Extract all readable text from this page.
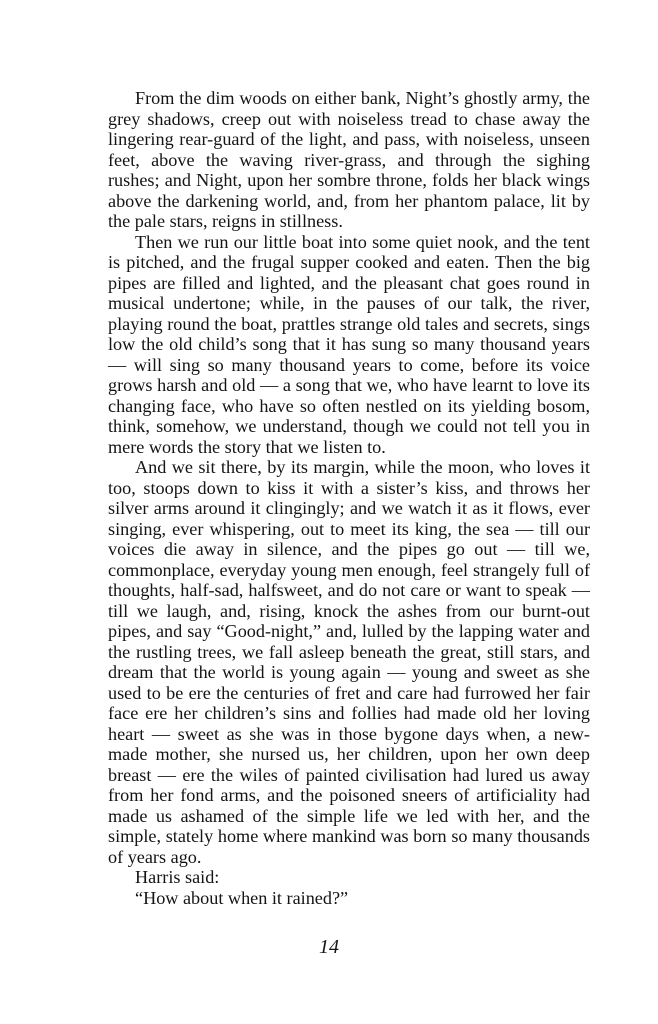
From the dim woods on either bank, Night’s ghostly army, the grey shadows, creep out with noiseless tread to chase away the lingering rear-guard of the light, and pass, with noiseless, unseen feet, above the waving river-grass, and through the sighing rushes; and Night, upon her sombre throne, folds her black wings above the darkening world, and, from her phantom palace, lit by the pale stars, reigns in stillness.

Then we run our little boat into some quiet nook, and the tent is pitched, and the frugal supper cooked and eaten. Then the big pipes are filled and lighted, and the pleasant chat goes round in musical undertone; while, in the pauses of our talk, the river, playing round the boat, prattles strange old tales and secrets, sings low the old child’s song that it has sung so many thousand years — will sing so many thousand years to come, before its voice grows harsh and old — a song that we, who have learnt to love its changing face, who have so often nestled on its yielding bosom, think, somehow, we understand, though we could not tell you in mere words the story that we listen to.

And we sit there, by its margin, while the moon, who loves it too, stoops down to kiss it with a sister’s kiss, and throws her silver arms around it clingingly; and we watch it as it flows, ever singing, ever whispering, out to meet its king, the sea — till our voices die away in silence, and the pipes go out — till we, commonplace, everyday young men enough, feel strangely full of thoughts, half-sad, halfsweet, and do not care or want to speak — till we laugh, and, rising, knock the ashes from our burnt-out pipes, and say “Good-night,” and, lulled by the lapping water and the rustling trees, we fall asleep beneath the great, still stars, and dream that the world is young again — young and sweet as she used to be ere the centuries of fret and care had furrowed her fair face ere her children’s sins and follies had made old her loving heart — sweet as she was in those bygone days when, a new-made mother, she nursed us, her children, upon her own deep breast — ere the wiles of painted civilisation had lured us away from her fond arms, and the poisoned sneers of artificiality had made us ashamed of the simple life we led with her, and the simple, stately home where mankind was born so many thousands of years ago.

Harris said:

“How about when it rained?”

14
